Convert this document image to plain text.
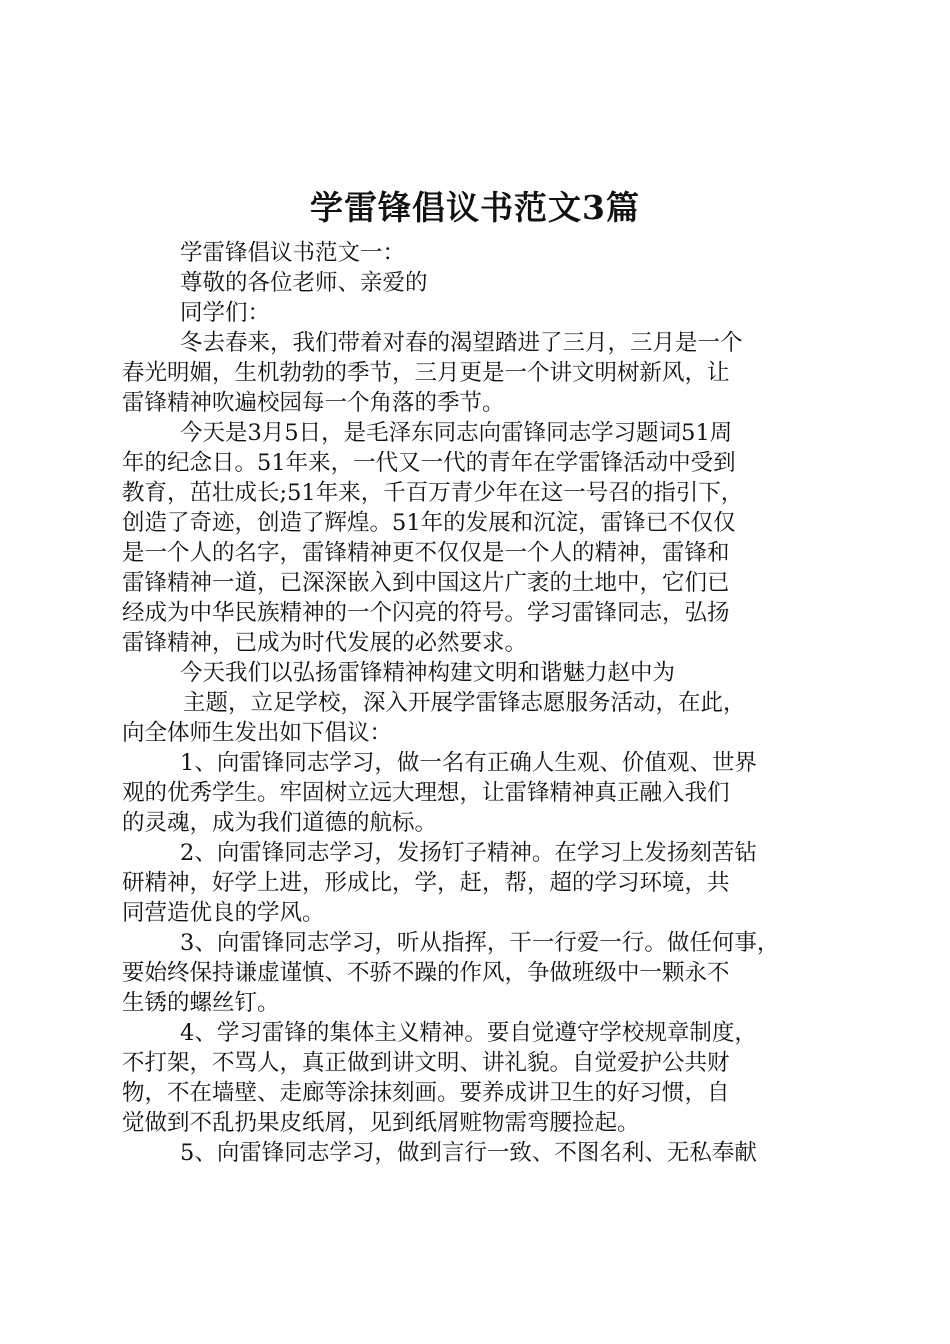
学雷锋倡议书范文3篇
学雷锋倡议书范文一：
尊敬的各位老师、亲爱的
同学们：
冬去春来，我们带着对春的渴望踏进了三月，三月是一个
春光明媚，生机勃勃的季节，三月更是一个讲文明树新风，让
雷锋精神吹遍校园每一个角落的季节。
今天是3月5日，是毛泽东同志向雷锋同志学习题词51周
年的纪念日。51年来，一代又一代的青年在学雷锋活动中受到
教育，茁壮成长;51年来，千百万青少年在这一号召的指引下，
创造了奇迹，创造了辉煌。51年的发展和沉淀，雷锋已不仅仅
是一个人的名字，雷锋精神更不仅仅是一个人的精神，雷锋和
雷锋精神一道，已深深嵌入到中国这片广袤的土地中，它们已
经成为中华民族精神的一个闪亮的符号。学习雷锋同志，弘扬
雷锋精神，已成为时代发展的必然要求。
今天我们以弘扬雷锋精神构建文明和谐魅力赵中为
主题，立足学校，深入开展学雷锋志愿服务活动，在此，
向全体师生发出如下倡议：
1、向雷锋同志学习，做一名有正确人生观、价值观、世界
观的优秀学生。牢固树立远大理想，让雷锋精神真正融入我们
的灵魂，成为我们道德的航标。
2、向雷锋同志学习，发扬钉子精神。在学习上发扬刻苦钻
研精神，好学上进，形成比，学，赶，帮，超的学习环境，共
同营造优良的学风。
3、向雷锋同志学习，听从指挥，干一行爱一行。做任何事，
要始终保持谦虚谨慎、不骄不躁的作风，争做班级中一颗永不
生锈的螺丝钉。
4、学习雷锋的集体主义精神。要自觉遵守学校规章制度，
不打架，不骂人，真正做到讲文明、讲礼貌。自觉爱护公共财
物，不在墙壁、走廊等涂抹刻画。要养成讲卫生的好习惯，自
觉做到不乱扔果皮纸屑，见到纸屑赃物需弯腰捡起。
5、向雷锋同志学习，做到言行一致、不图名利、无私奉献
